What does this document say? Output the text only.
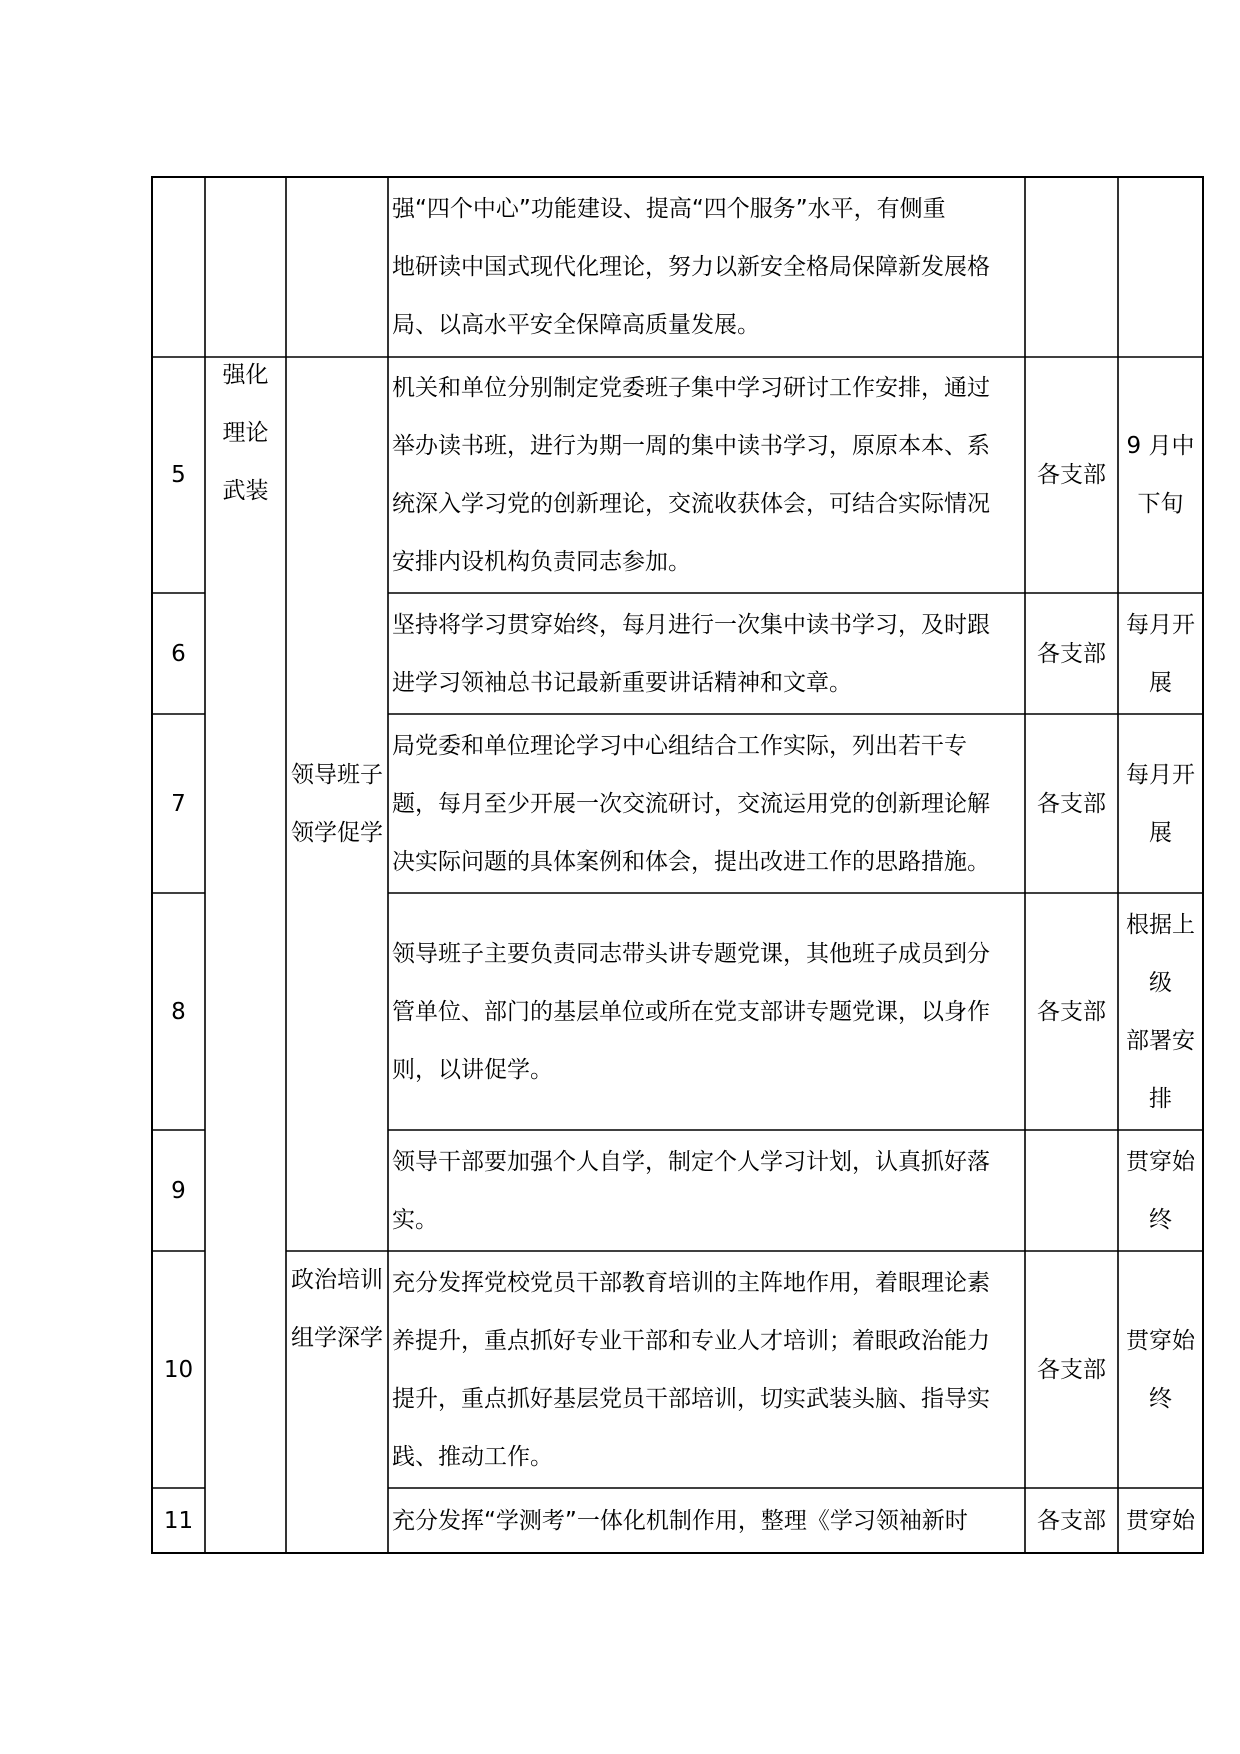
强“四个中心”功能建设、提高“四个服务”水平，有侧重
地研读中国式现代化理论，努力以新安全格局保障新发展格
局、以高水平安全保障高质量发展。
5
强化
理论
武装
机关和单位分别制定党委班子集中学习研讨工作安排，通过
举办读书班，进行为期一周的集中读书学习，原原本本、系
统深入学习党的创新理论，交流收获体会，可结合实际情况
安排内设机构负责同志参加。
各支部
9 月中
下旬
6
坚持将学习贯穿始终，每月进行一次集中读书学习，及时跟
进学习领袖总书记最新重要讲话精神和文章。
各支部
每月开
展
领导班子
领学促学
7
局党委和单位理论学习中心组结合工作实际，列出若干专
题，每月至少开展一次交流研讨，交流运用党的创新理论解
决实际问题的具体案例和体会，提出改进工作的思路措施。
各支部
每月开
展
8
领导班子主要负责同志带头讲专题党课，其他班子成员到分
管单位、部门的基层单位或所在党支部讲专题党课，以身作
则，以讲促学。
各支部
根据上
级
部署安
排
9
领导干部要加强个人自学，制定个人学习计划，认真抓好落
实。
贯穿始
终
政治培训
组学深学
10
充分发挥党校党员干部教育培训的主阵地作用，着眼理论素
养提升，重点抓好专业干部和专业人才培训；着眼政治能力
提升，重点抓好基层党员干部培训，切实武装头脑、指导实
践、推动工作。
各支部
贯穿始
终
11	充分发挥“学测考”一体化机制作用，整理《学习领袖新时	各支部 贯穿始
